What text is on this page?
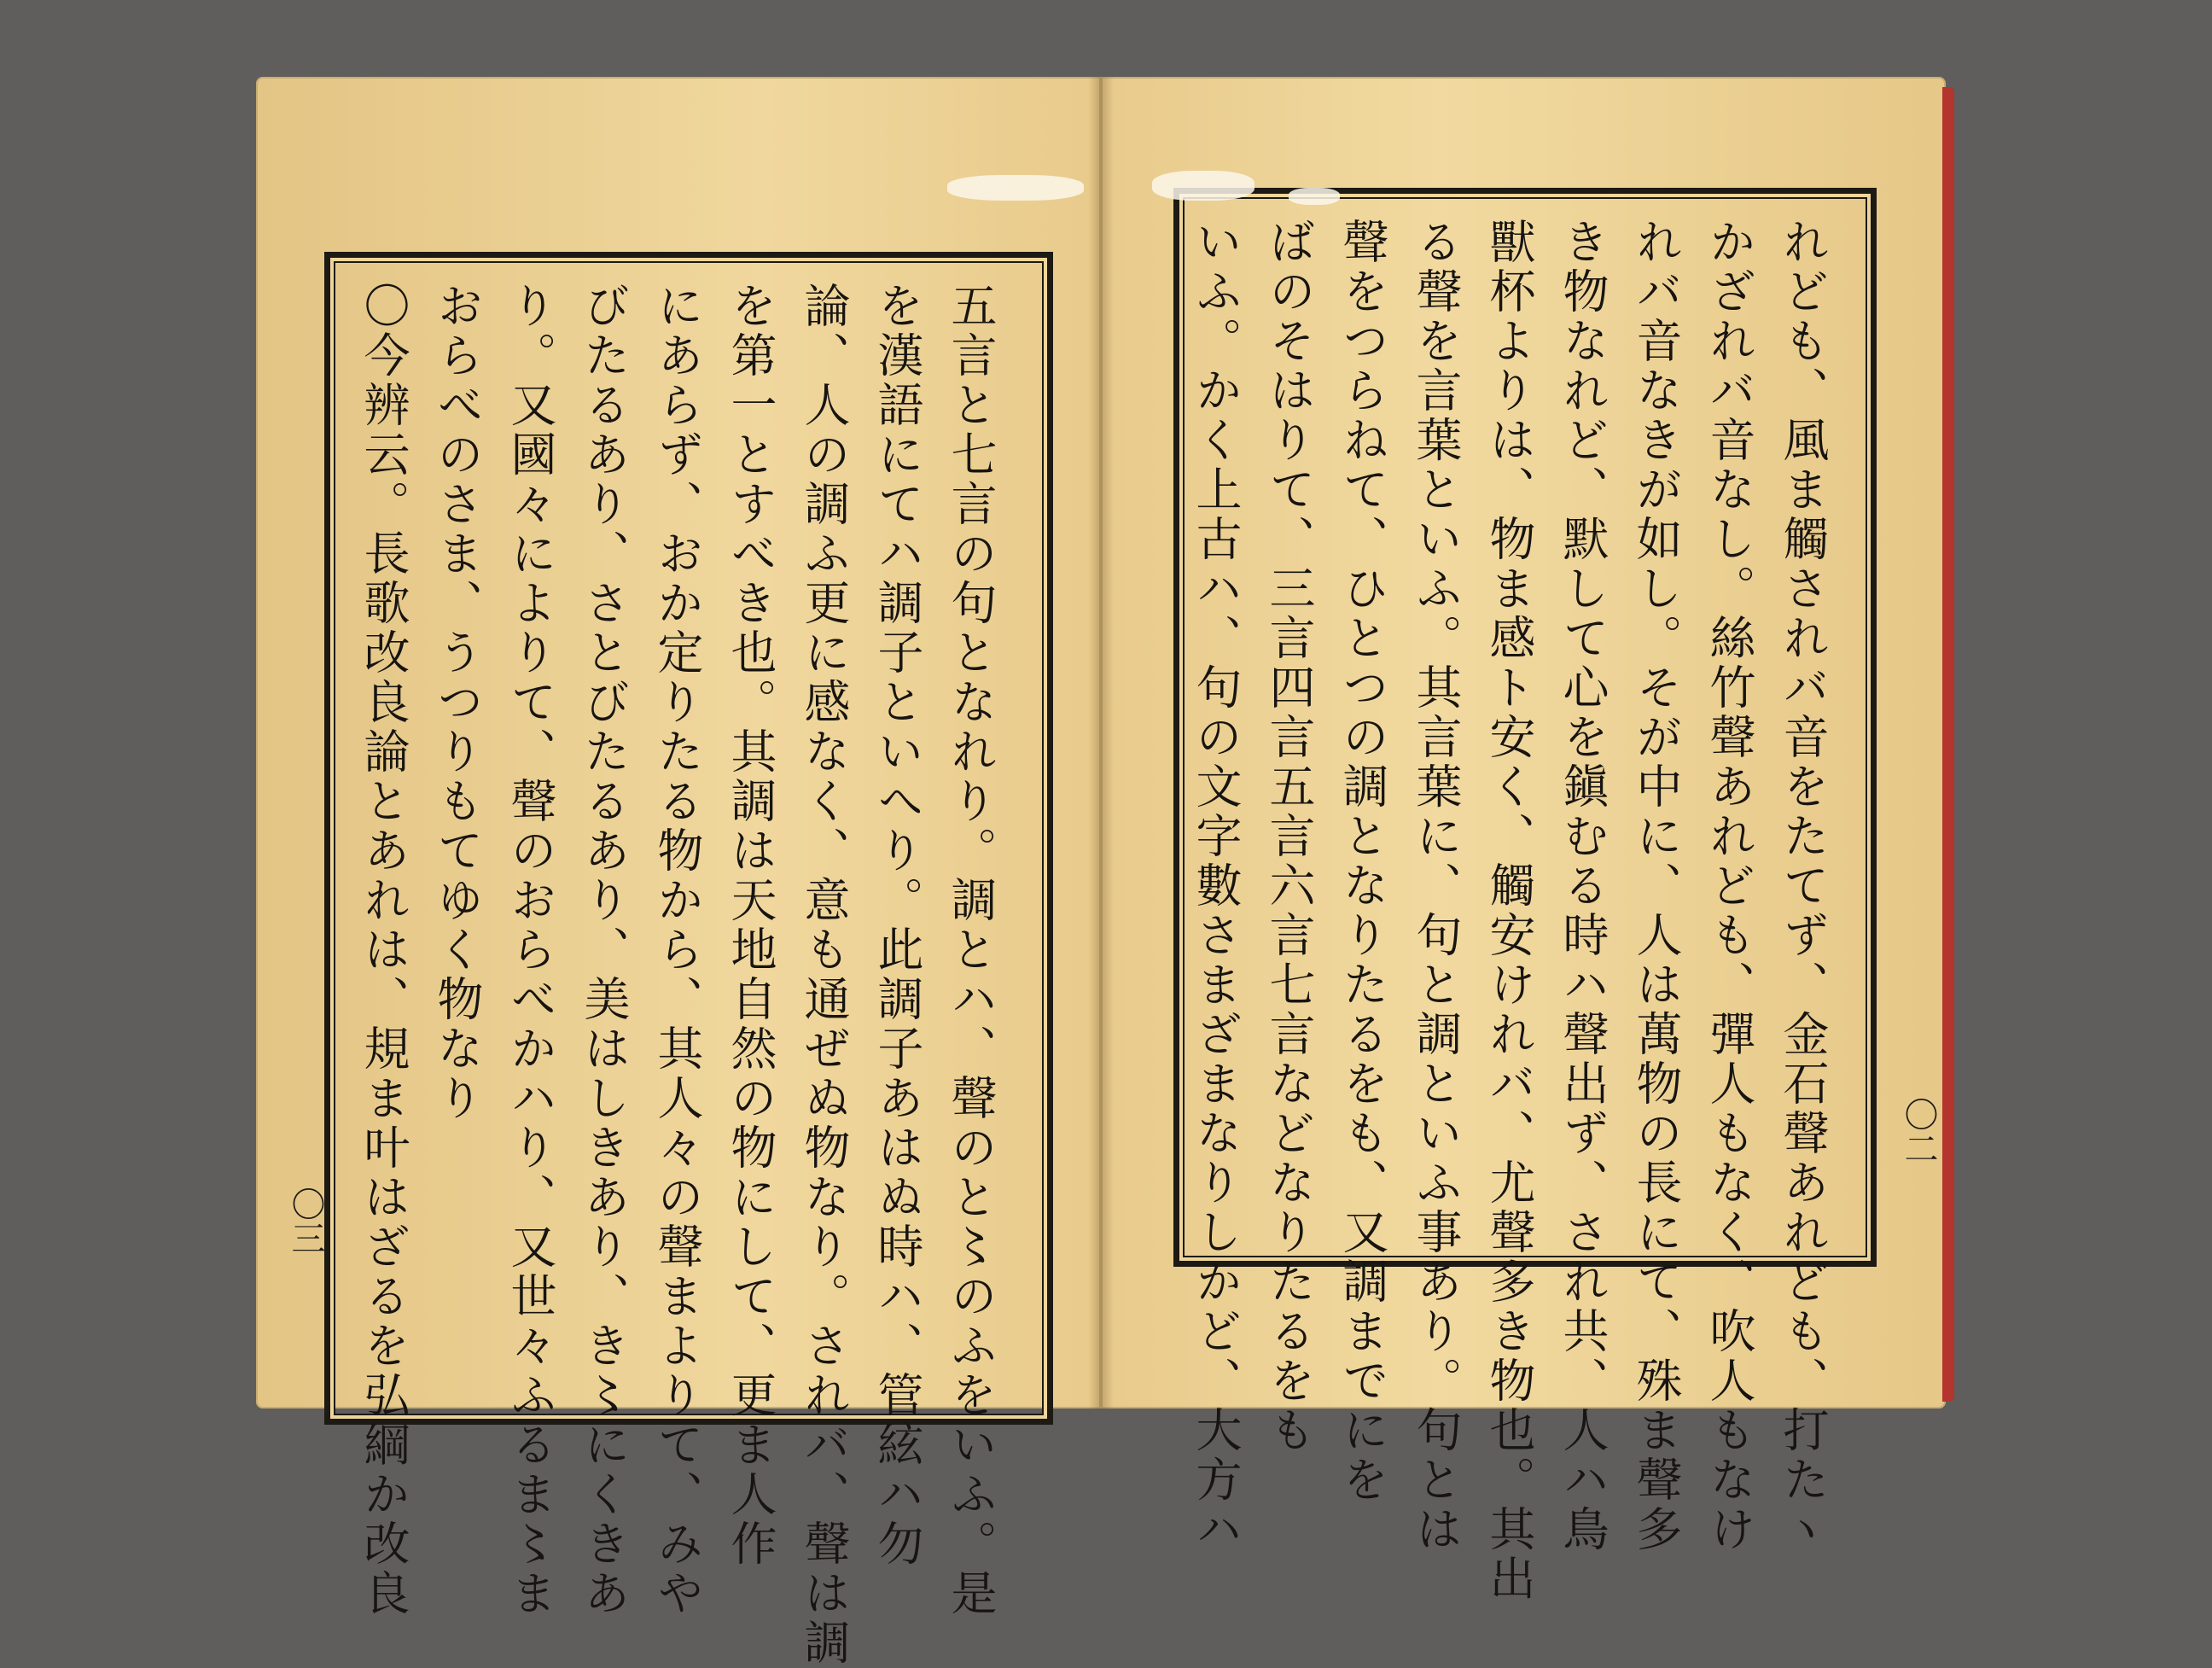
五言と七言の句となれり。調とハ、聲のと〻のふをいふ。是
を漢語にてハ調子といへり。此調子あはぬ時ハ、管絃ハ勿
論、人の調ふ更に感なく、意も通ぜぬ物なり。されバ、聲は調
を第一とすべき也。其調は天地自然の物にして、更ま人作
にあらず、おか定りたる物から、其人々の聲まよりて、みや
びたるあり、さとびたるあり、美はしきあり、き〻にくきあ
り。又國々によりて、聲のおらべかハり、又世々ふるま〻ま
おらべのさま、うつりもてゆく物なり
〇今辨云。長歌改良論とあれは、規ま叶はざるを弘綱か改良
〇三	れども、風ま觸されバ音をたてず、金石聲あれども、打たヽ
かざれバ音なし。絲竹聲あれども、彈人もなく、吹人もなけ
れバ音なきが如し。そが中に、人は萬物の長にて、殊ま聲多
き物なれど、默して心を鎭むる時ハ聲出ず、され共、人ハ鳥
獸杯よりは、物ま感ト安く、觸安けれバ、尤聲多き物也。其出
る聲を言葉といふ。其言葉に、句と調といふ事あり。句とは
聲をつらねて、ひとつの調となりたるをも、又調までにを
ばのそはりて、三言四言五言六言七言などなりたるをも
いふ。かく上古ハ、句の文字數さまざまなりしかど、大方ハ	〇二
